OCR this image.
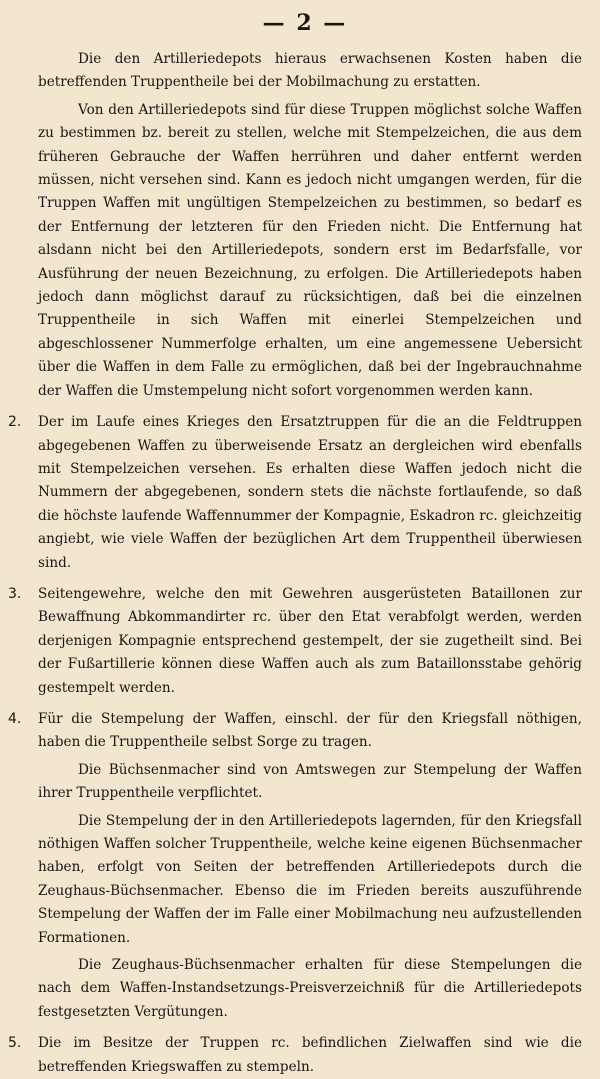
— 2 —

Die den Artilleriedepots hieraus erwachsenen Kosten haben die betreffenden Truppentheile bei der Mobilmachung zu erstatten.

Von den Artilleriedepots sind für diese Truppen möglichst solche Waffen zu bestimmen bz. bereit zu stellen, welche mit Stempelzeichen, die aus dem früheren Gebrauche der Waffen herrühren und daher entfernt werden müssen, nicht versehen sind. Kann es jedoch nicht umgangen werden, für die Truppen Waffen mit ungültigen Stempelzeichen zu bestimmen, so bedarf es der Entfernung der letzteren für den Frieden nicht. Die Entfernung hat alsdann nicht bei den Artilleriedepots, sondern erst im Bedarfsfalle, vor Ausführung der neuen Bezeichnung, zu erfolgen. Die Artilleriedepots haben jedoch dann möglichst darauf zu rücksichtigen, daß bei die einzelnen Truppentheile in sich Waffen mit einerlei Stempelzeichen und abgeschlossener Nummerfolge erhalten, um eine angemessene Uebersicht über die Waffen in dem Falle zu ermöglichen, daß bei der Ingebrauchnahme der Waffen die Umstempelung nicht sofort vorgenommen werden kann.

2. Der im Laufe eines Krieges den Ersatztruppen für die an die Feldtruppen abgegebenen Waffen zu überweisende Ersatz an dergleichen wird ebenfalls mit Stempelzeichen versehen. Es erhalten diese Waffen jedoch nicht die Nummern der abgegebenen, sondern stets die nächste fortlaufende, so daß die höchste laufende Waffennummer der Kompagnie, Eskadron rc. gleichzeitig angiebt, wie viele Waffen der bezüglichen Art dem Truppentheil überwiesen sind.

3. Seitengewehre, welche den mit Gewehren ausgerüsteten Bataillonen zur Bewaffnung Abkommandirter rc. über den Etat verabfolgt werden, werden derjenigen Kompagnie entsprechend gestempelt, der sie zugetheilt sind. Bei der Fußartillerie können diese Waffen auch als zum Bataillonsstabe gehörig gestempelt werden.

4. Für die Stempelung der Waffen, einschl. der für den Kriegsfall nöthigen, haben die Truppentheile selbst Sorge zu tragen.

Die Büchsenmacher sind von Amtswegen zur Stempelung der Waffen ihrer Truppentheile verpflichtet.

Die Stempelung der in den Artilleriedepots lagernden, für den Kriegsfall nöthigen Waffen solcher Truppentheile, welche keine eigenen Büchsenmacher haben, erfolgt von Seiten der betreffenden Artilleriedepots durch die Zeughaus-Büchsenmacher. Ebenso die im Frieden bereits auszuführende Stempelung der Waffen der im Falle einer Mobilmachung neu aufzustellenden Formationen.

Die Zeughaus-Büchsenmacher erhalten für diese Stempelungen die nach dem Waffen-Instandsetzungs-Preisverzeichniß für die Artilleriedepots festgesetzten Vergütungen.

5. Die im Besitze der Truppen rc. befindlichen Zielwaffen sind wie die betreffenden Kriegswaffen zu stempeln.
